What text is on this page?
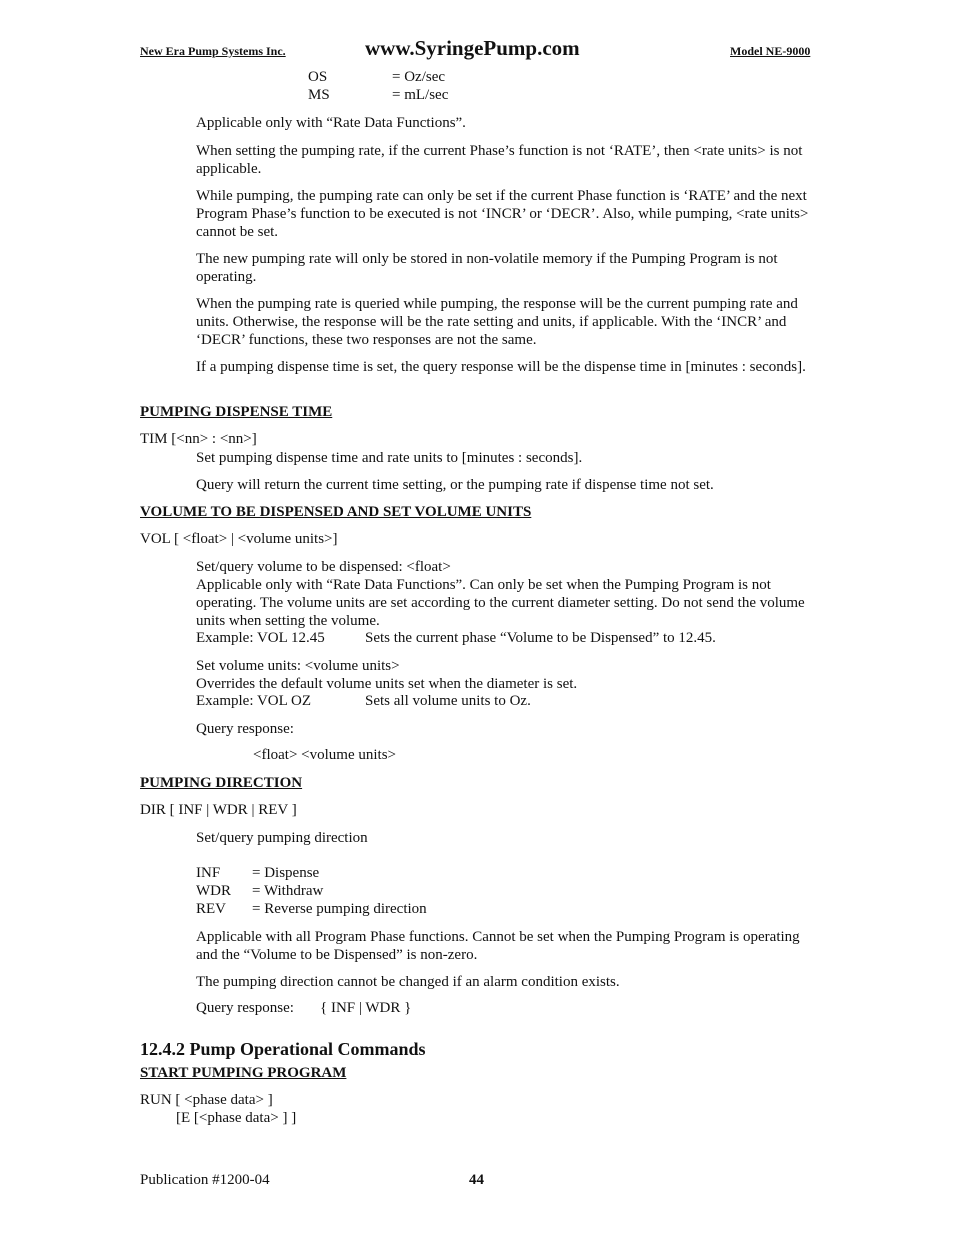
New Era Pump Systems Inc.	www.SyringePump.com	Model NE-9000
OS	= Oz/sec
MS	= mL/sec
Applicable only with “Rate Data Functions”.
When setting the pumping rate, if the current Phase’s function is not ‘RATE’, then <rate units> is not applicable.
While pumping, the pumping rate can only be set if the current Phase function is ‘RATE’ and the next Program Phase’s function to be executed is not ‘INCR’ or ‘DECR’. Also, while pumping, <rate units> cannot be set.
The new pumping rate will only be stored in non-volatile memory if the Pumping Program is not operating.
When the pumping rate is queried while pumping, the response will be the current pumping rate and units. Otherwise, the response will be the rate setting and units, if applicable. With the ‘INCR’ and ‘DECR’ functions, these two responses are not the same.
If a pumping dispense time is set, the query response will be the dispense time in [minutes : seconds].
PUMPING DISPENSE TIME
TIM [<nn> : <nn>]
Set pumping dispense time and rate units to [minutes : seconds].
Query will return the current time setting, or the pumping rate if dispense time not set.
VOLUME TO BE DISPENSED AND SET VOLUME UNITS
VOL [ <float> | <volume units>]
Set/query volume to be dispensed: <float>
Applicable only with “Rate Data Functions”. Can only be set when the Pumping Program is not operating. The volume units are set according to the current diameter setting. Do not send the volume units when setting the volume.
Example: VOL 12.45	Sets the current phase “Volume to be Dispensed” to 12.45.
Set volume units: <volume units>
Overrides the default volume units set when the diameter is set.
Example: VOL OZ	Sets all volume units to Oz.
Query response:
<float> <volume units>
PUMPING DIRECTION
DIR [ INF | WDR | REV ]
Set/query pumping direction
INF = Dispense
WDR = Withdraw
REV = Reverse pumping direction
Applicable with all Program Phase functions. Cannot be set when the Pumping Program is operating and the “Volume to be Dispensed” is non-zero.
The pumping direction cannot be changed if an alarm condition exists.
Query response: { INF | WDR }
12.4.2 Pump Operational Commands
START PUMPING PROGRAM
RUN [ <phase data> ]
[E [<phase data> ] ]
Publication #1200-04	44
